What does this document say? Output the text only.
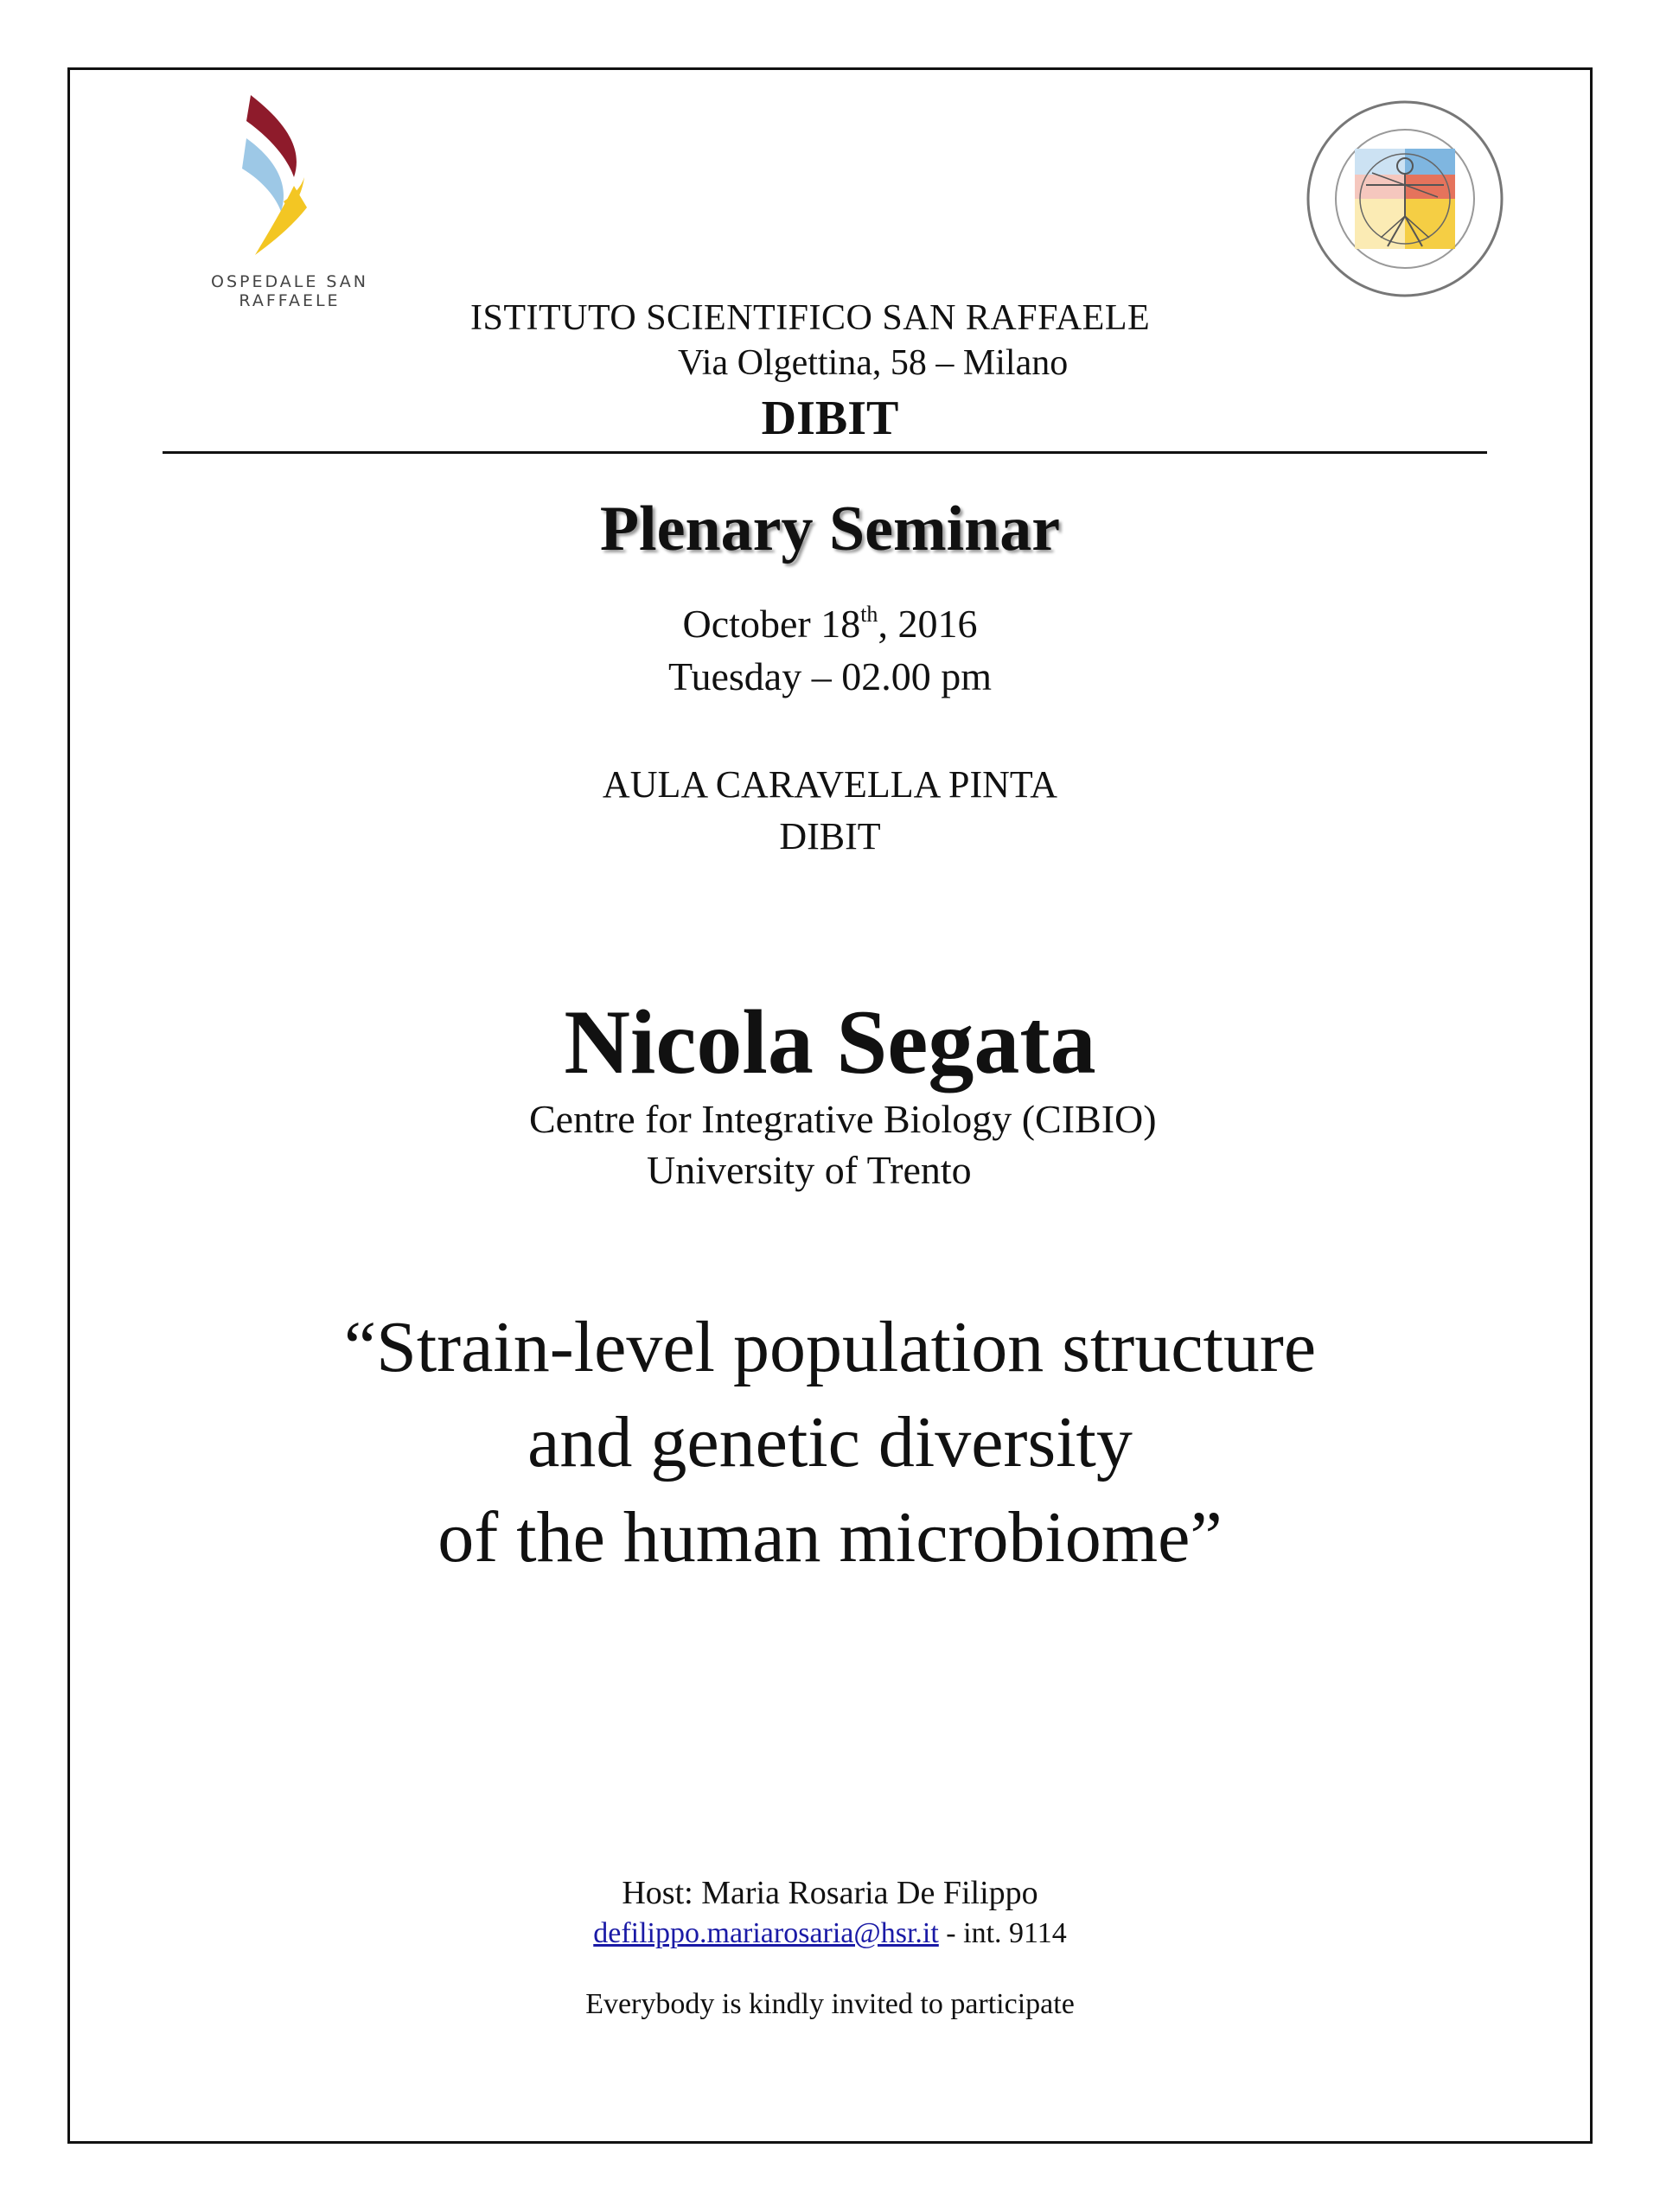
OSPEDALE SAN RAFFAELE	ISTITUTO SCIENTIFICO SAN RAFFAELE
Via Olgettina, 58 – Milano
DIBIT
Plenary Seminar
October 18th, 2016
Tuesday – 02.00 pm
AULA CARAVELLA PINTA
DIBIT
Nicola Segata
Centre for Integrative Biology (CIBIO)
University of Trento
“Strain-level population structure
and genetic diversity
of the human microbiome”
Host: Maria Rosaria De Filippo
defilippo.mariarosaria@hsr.it - int. 9114
Everybody is kindly invited to participate
